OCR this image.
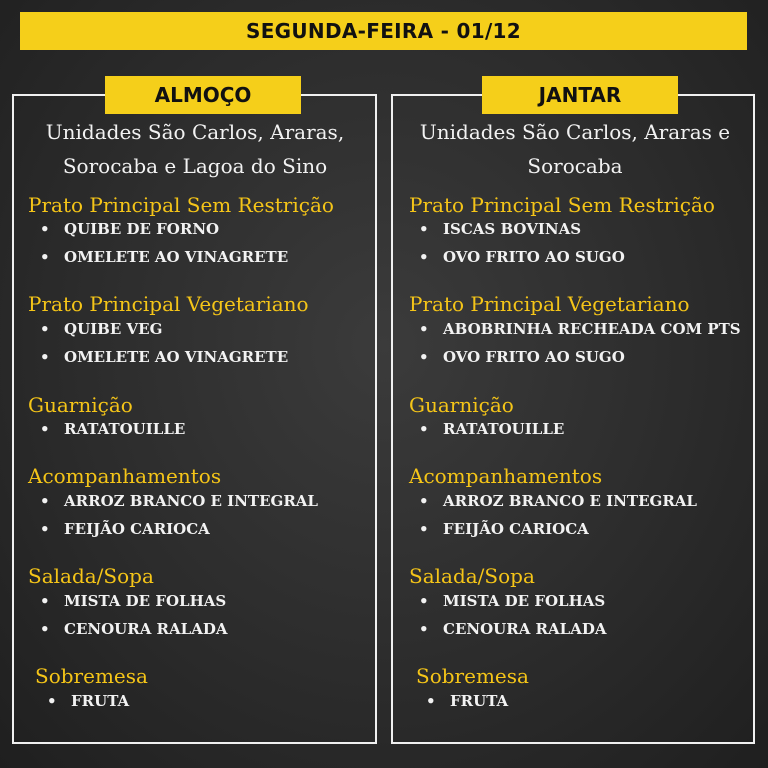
SEGUNDA-FEIRA - 01/12
ALMOÇO	JANTAR
Unidades São Carlos, Araras,
Sorocaba e Lagoa do Sino
Unidades São Carlos, Araras e
Sorocaba
Prato Principal Sem Restrição
• QUIBE DE FORNO
• OMELETE AO VINAGRETE
Prato Principal Vegetariano
• QUIBE VEG
• OMELETE AO VINAGRETE
Guarnição
• RATATOUILLE
Acompanhamentos
• ARROZ BRANCO E INTEGRAL
• FEIJÃO CARIOCA
Salada/Sopa
• MISTA DE FOLHAS
• CENOURA RALADA
Sobremesa
• FRUTA
Prato Principal Sem Restrição
• ISCAS BOVINAS
• OVO FRITO AO SUGO
Prato Principal Vegetariano
• ABOBRINHA RECHEADA COM PTS
• OVO FRITO AO SUGO
Guarnição
• RATATOUILLE
Acompanhamentos
• ARROZ BRANCO E INTEGRAL
• FEIJÃO CARIOCA
Salada/Sopa
• MISTA DE FOLHAS
• CENOURA RALADA
Sobremesa
• FRUTA
